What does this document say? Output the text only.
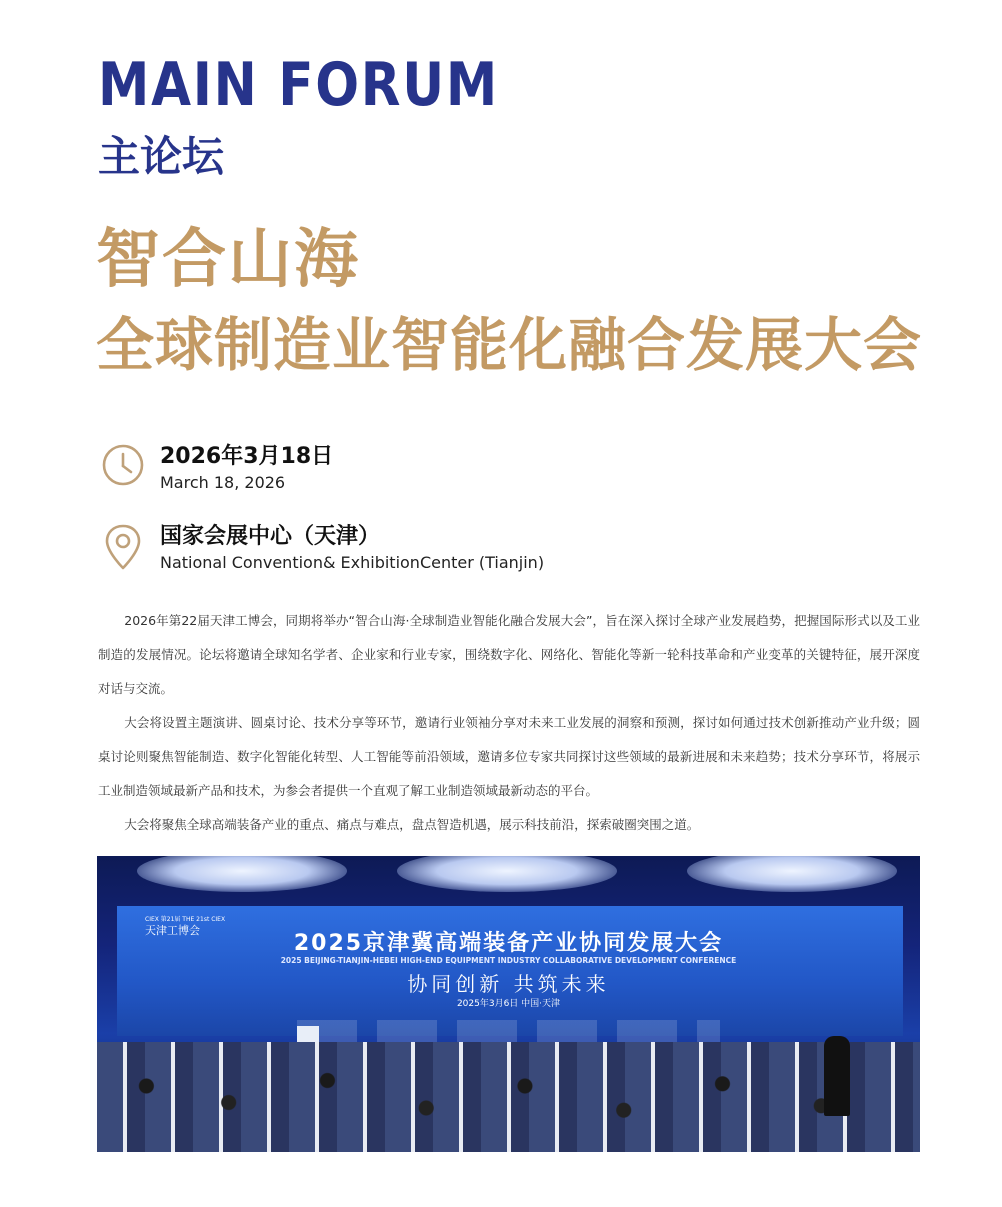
MAIN FORUM
主论坛
智合山海
全球制造业智能化融合发展大会
2026年3月18日
March 18, 2026
国家会展中心（天津）
National Convention& ExhibitionCenter (Tianjin)

2026年第22届天津工博会，同期将举办“智合山海·全球制造业智能化融合发展大会”，旨在深入探讨全球产业发展趋势，把握国际形式以及工业制造的发展情况。论坛将邀请全球知名学者、企业家和行业专家，围绕数字化、网络化、智能化等新一轮科技革命和产业变革的关键特征，展开深度对话与交流。

大会将设置主题演讲、圆桌讨论、技术分享等环节，邀请行业领袖分享对未来工业发展的洞察和预测，探讨如何通过技术创新推动产业升级；圆桌讨论则聚焦智能制造、数字化智能化转型、人工智能等前沿领域，邀请多位专家共同探讨这些领域的最新进展和未来趋势；技术分享环节，将展示工业制造领域最新产品和技术，为参会者提供一个直观了解工业制造领域最新动态的平台。

大会将聚焦全球高端装备产业的重点、痛点与难点，盘点智造机遇，展示科技前沿，探索破圈突围之道。

CIEX 第21届 THE 21st CIEX
天津工博会
2025京津冀高端装备产业协同发展大会
2025 BEIJING-TIANJIN-HEBEI HIGH-END EQUIPMENT INDUSTRY COLLABORATIVE DEVELOPMENT CONFERENCE
协同创新 共筑未来
2025年3月6日 中国·天津
